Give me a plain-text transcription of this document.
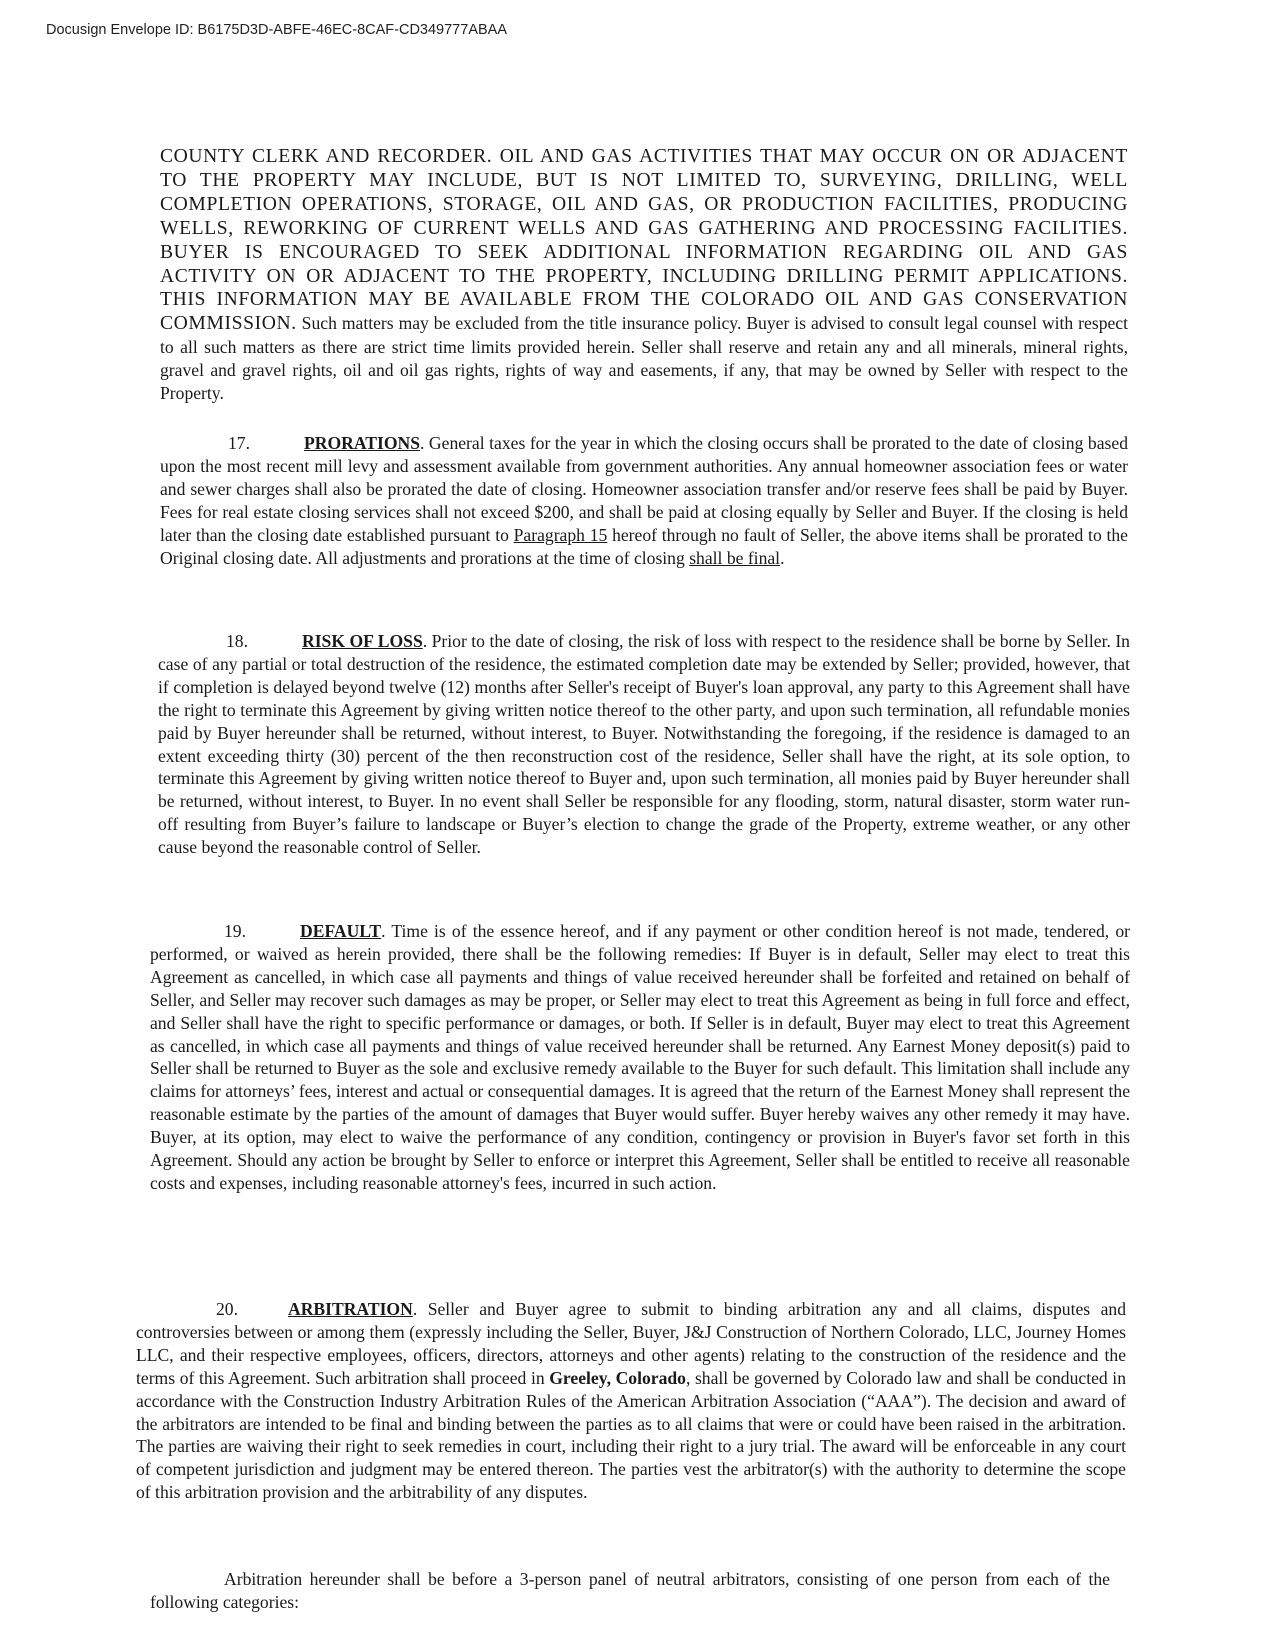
Docusign Envelope ID: B6175D3D-ABFE-46EC-8CAF-CD349777ABAA

COUNTY CLERK AND RECORDER. OIL AND GAS ACTIVITIES THAT MAY OCCUR ON OR ADJACENT TO THE PROPERTY MAY INCLUDE, BUT IS NOT LIMITED TO, SURVEYING, DRILLING, WELL COMPLETION OPERATIONS, STORAGE, OIL AND GAS, OR PRODUCTION FACILITIES, PRODUCING WELLS, REWORKING OF CURRENT WELLS AND GAS GATHERING AND PROCESSING FACILITIES. BUYER IS ENCOURAGED TO SEEK ADDITIONAL INFORMATION REGARDING OIL AND GAS ACTIVITY ON OR ADJACENT TO THE PROPERTY, INCLUDING DRILLING PERMIT APPLICATIONS. THIS INFORMATION MAY BE AVAILABLE FROM THE COLORADO OIL AND GAS CONSERVATION COMMISSION. Such matters may be excluded from the title insurance policy. Buyer is advised to consult legal counsel with respect to all such matters as there are strict time limits provided herein. Seller shall reserve and retain any and all minerals, mineral rights, gravel and gravel rights, oil and oil gas rights, rights of way and easements, if any, that may be owned by Seller with respect to the Property.

17.	PRORATIONS. General taxes for the year in which the closing occurs shall be prorated to the date of closing based upon the most recent mill levy and assessment available from government authorities. Any annual homeowner association fees or water and sewer charges shall also be prorated the date of closing. Homeowner association transfer and/or reserve fees shall be paid by Buyer. Fees for real estate closing services shall not exceed $200, and shall be paid at closing equally by Seller and Buyer. If the closing is held later than the closing date established pursuant to Paragraph 15 hereof through no fault of Seller, the above items shall be prorated to the Original closing date. All adjustments and prorations at the time of closing shall be final.

18.	RISK OF LOSS. Prior to the date of closing, the risk of loss with respect to the residence shall be borne by Seller. In case of any partial or total destruction of the residence, the estimated completion date may be extended by Seller; provided, however, that if completion is delayed beyond twelve (12) months after Seller's receipt of Buyer's loan approval, any party to this Agreement shall have the right to terminate this Agreement by giving written notice thereof to the other party, and upon such termination, all refundable monies paid by Buyer hereunder shall be returned, without interest, to Buyer. Notwithstanding the foregoing, if the residence is damaged to an extent exceeding thirty (30) percent of the then reconstruction cost of the residence, Seller shall have the right, at its sole option, to terminate this Agreement by giving written notice thereof to Buyer and, upon such termination, all monies paid by Buyer hereunder shall be returned, without interest, to Buyer. In no event shall Seller be responsible for any flooding, storm, natural disaster, storm water run-off resulting from Buyer’s failure to landscape or Buyer’s election to change the grade of the Property, extreme weather, or any other cause beyond the reasonable control of Seller.

19.	DEFAULT. Time is of the essence hereof, and if any payment or other condition hereof is not made, tendered, or performed, or waived as herein provided, there shall be the following remedies: If Buyer is in default, Seller may elect to treat this Agreement as cancelled, in which case all payments and things of value received hereunder shall be forfeited and retained on behalf of Seller, and Seller may recover such damages as may be proper, or Seller may elect to treat this Agreement as being in full force and effect, and Seller shall have the right to specific performance or damages, or both. If Seller is in default, Buyer may elect to treat this Agreement as cancelled, in which case all payments and things of value received hereunder shall be returned. Any Earnest Money deposit(s) paid to Seller shall be returned to Buyer as the sole and exclusive remedy available to the Buyer for such default. This limitation shall include any claims for attorneys’ fees, interest and actual or consequential damages. It is agreed that the return of the Earnest Money shall represent the reasonable estimate by the parties of the amount of damages that Buyer would suffer. Buyer hereby waives any other remedy it may have. Buyer, at its option, may elect to waive the performance of any condition, contingency or provision in Buyer's favor set forth in this Agreement. Should any action be brought by Seller to enforce or interpret this Agreement, Seller shall be entitled to receive all reasonable costs and expenses, including reasonable attorney's fees, incurred in such action.

20.	ARBITRATION. Seller and Buyer agree to submit to binding arbitration any and all claims, disputes and controversies between or among them (expressly including the Seller, Buyer, J&J Construction of Northern Colorado, LLC, Journey Homes LLC, and their respective employees, officers, directors, attorneys and other agents) relating to the construction of the residence and the terms of this Agreement. Such arbitration shall proceed in Greeley, Colorado, shall be governed by Colorado law and shall be conducted in accordance with the Construction Industry Arbitration Rules of the American Arbitration Association (“AAA”). The decision and award of the arbitrators are intended to be final and binding between the parties as to all claims that were or could have been raised in the arbitration. The parties are waiving their right to seek remedies in court, including their right to a jury trial. The award will be enforceable in any court of competent jurisdiction and judgment may be entered thereon. The parties vest the arbitrator(s) with the authority to determine the scope of this arbitration provision and the arbitrability of any disputes.

Arbitration hereunder shall be before a 3-person panel of neutral arbitrators, consisting of one person from each of the following categories:
